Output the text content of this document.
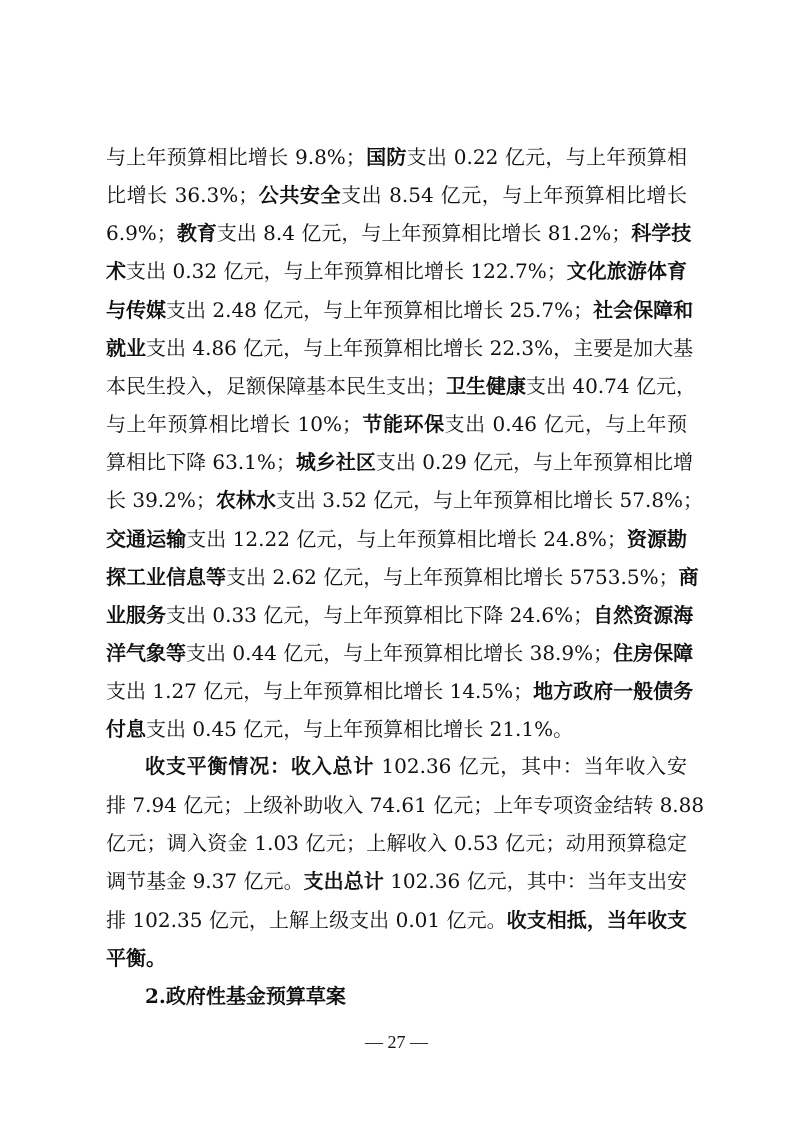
与上年预算相比增长 9.8%；国防支出 0.22 亿元，与上年预算相
比增长 36.3%；公共安全支出 8.54 亿元，与上年预算相比增长
6.9%；教育支出 8.4 亿元，与上年预算相比增长 81.2%；科学技
术支出 0.32 亿元，与上年预算相比增长 122.7%；文化旅游体育
与传媒支出 2.48 亿元，与上年预算相比增长 25.7%；社会保障和
就业支出 4.86 亿元，与上年预算相比增长 22.3%，主要是加大基
本民生投入，足额保障基本民生支出；卫生健康支出 40.74 亿元，
与上年预算相比增长 10%；节能环保支出 0.46 亿元，与上年预
算相比下降 63.1%；城乡社区支出 0.29 亿元，与上年预算相比增
长 39.2%；农林水支出 3.52 亿元，与上年预算相比增长 57.8%；
交通运输支出 12.22 亿元，与上年预算相比增长 24.8%；资源勘
探工业信息等支出 2.62 亿元，与上年预算相比增长 5753.5%；商
业服务支出 0.33 亿元，与上年预算相比下降 24.6%；自然资源海
洋气象等支出 0.44 亿元，与上年预算相比增长 38.9%；住房保障
支出 1.27 亿元，与上年预算相比增长 14.5%；地方政府一般债务
付息支出 0.45 亿元，与上年预算相比增长 21.1%。
收支平衡情况：收入总计 102.36 亿元，其中：当年收入安
排 7.94 亿元；上级补助收入 74.61 亿元；上年专项资金结转 8.88
亿元；调入资金 1.03 亿元；上解收入 0.53 亿元；动用预算稳定
调节基金 9.37 亿元。支出总计 102.36 亿元，其中：当年支出安
排 102.35 亿元，上解上级支出 0.01 亿元。收支相抵，当年收支
平衡。
2.政府性基金预算草案
— 27 —
